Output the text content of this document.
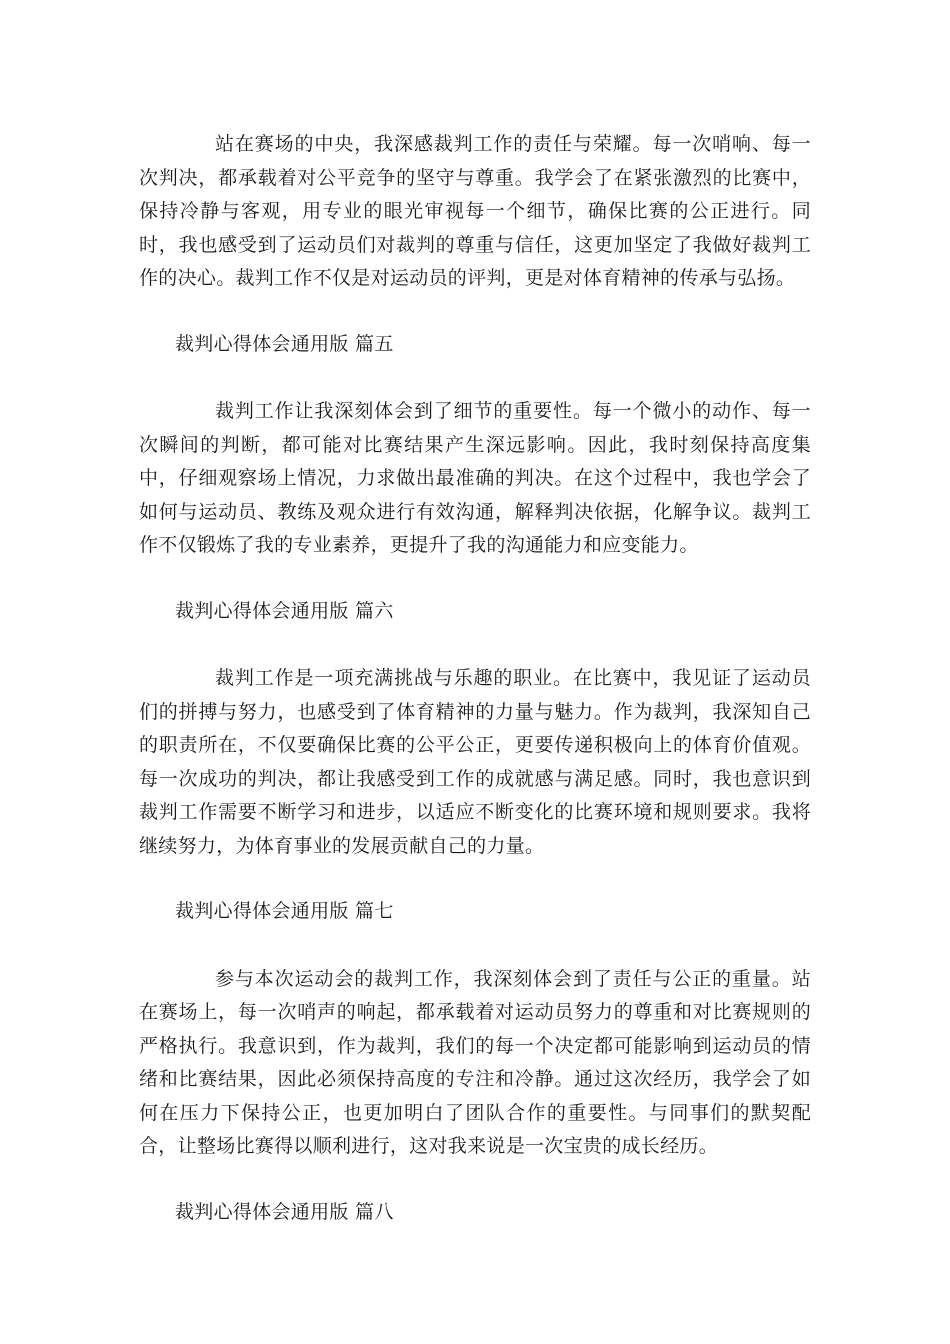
站在赛场的中央，我深感裁判工作的责任与荣耀。每一次哨响、每一次判决，都承载着对公平竞争的坚守与尊重。我学会了在紧张激烈的比赛中，保持冷静与客观，用专业的眼光审视每一个细节，确保比赛的公正进行。同时，我也感受到了运动员们对裁判的尊重与信任，这更加坚定了我做好裁判工作的决心。裁判工作不仅是对运动员的评判，更是对体育精神的传承与弘扬。

裁判心得体会通用版 篇五

裁判工作让我深刻体会到了细节的重要性。每一个微小的动作、每一次瞬间的判断，都可能对比赛结果产生深远影响。因此，我时刻保持高度集中，仔细观察场上情况，力求做出最准确的判决。在这个过程中，我也学会了如何与运动员、教练及观众进行有效沟通，解释判决依据，化解争议。裁判工作不仅锻炼了我的专业素养，更提升了我的沟通能力和应变能力。

裁判心得体会通用版 篇六

裁判工作是一项充满挑战与乐趣的职业。在比赛中，我见证了运动员们的拼搏与努力，也感受到了体育精神的力量与魅力。作为裁判，我深知自己的职责所在，不仅要确保比赛的公平公正，更要传递积极向上的体育价值观。每一次成功的判决，都让我感受到工作的成就感与满足感。同时，我也意识到裁判工作需要不断学习和进步，以适应不断变化的比赛环境和规则要求。我将继续努力，为体育事业的发展贡献自己的力量。

裁判心得体会通用版 篇七

参与本次运动会的裁判工作，我深刻体会到了责任与公正的重量。站在赛场上，每一次哨声的响起，都承载着对运动员努力的尊重和对比赛规则的严格执行。我意识到，作为裁判，我们的每一个决定都可能影响到运动员的情绪和比赛结果，因此必须保持高度的专注和冷静。通过这次经历，我学会了如何在压力下保持公正，也更加明白了团队合作的重要性。与同事们的默契配合，让整场比赛得以顺利进行，这对我来说是一次宝贵的成长经历。

裁判心得体会通用版 篇八
